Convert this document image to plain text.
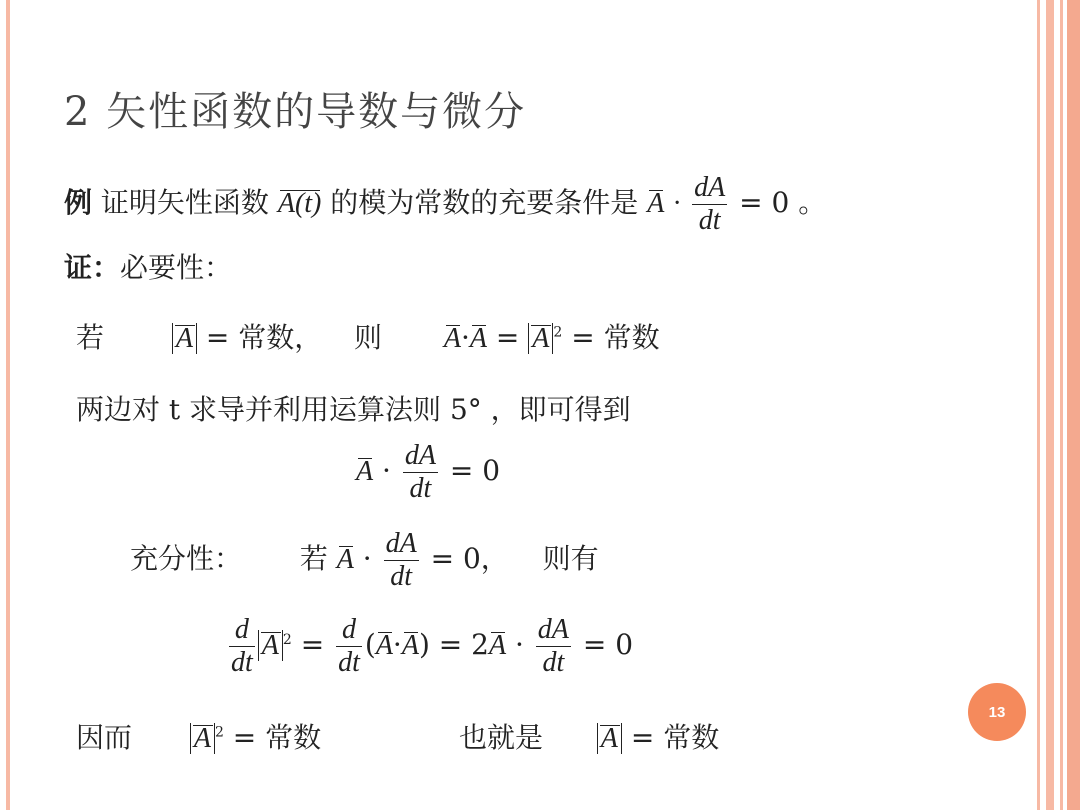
2 矢性函数的导数与微分
例 证明矢性函数 A(t) 的模为常数的充要条件是 $A \cdot \frac{dA}{dt} = 0$ 。
证：必要性：
若	A = 常数， 则 A·A = A $^2$ = 常数
两边对 t 求导并利用运算法则 5° ，即可得到
$A \cdot \frac{dA}{dt} = 0$
充分性： 若 $A \cdot \frac{dA}{dt} = 0$， 则有
$\frac{d}{dt}$ A $^2 = \frac{d}{dt} (A\cdot A) = 2A \cdot \frac{dA}{dt} = 0$
因而 A $^2$ = 常数	也就是 A = 常数
13
